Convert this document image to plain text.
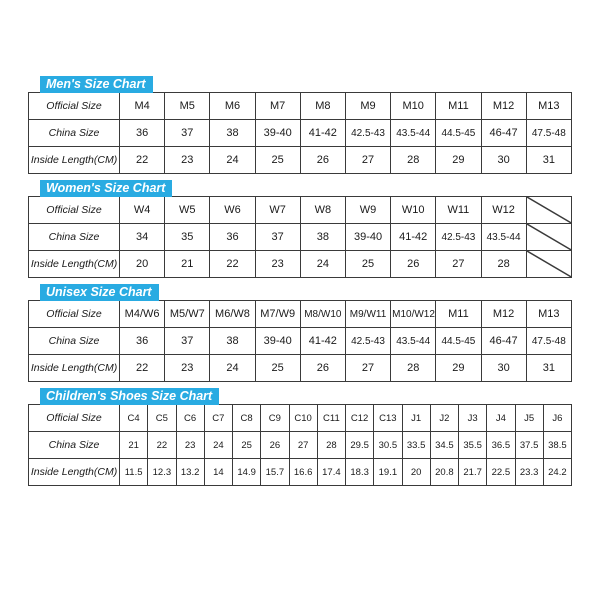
Men's Size Chart
Official Size	M4	M5	M6	M7	M8	M9	M10	M11	M12	M13
China Size	36	37	38	39-40	41-42	42.5-43	43.5-44	44.5-45	46-47	47.5-48
Inside Length(CM)	22	23	24	25	26	27	28	29	30	31
Women's Size Chart
Official Size	W4	W5	W6	W7	W8	W9	W10	W11	W12	

China Size	34	35	36	37	38	39-40	41-42	42.5-43	43.5-44	

Inside Length(CM)	20	21	22	23	24	25	26	27	28	
Unisex Size Chart
Official Size	M4/W6	M5/W7	M6/W8	M7/W9	M8/W10	M9/W11	M10/W12	M11	M12	M13
China Size	36	37	38	39-40	41-42	42.5-43	43.5-44	44.5-45	46-47	47.5-48
Inside Length(CM)	22	23	24	25	26	27	28	29	30	31
Children's Shoes Size Chart
Official Size	C4	C5	C6	C7	C8	C9	C10	C11	C12	C13	J1	J2	J3	J4	J5	J6
China Size	21	22	23	24	25	26	27	28	29.5	30.5	33.5	34.5	35.5	36.5	37.5	38.5
Inside Length(CM)	11.5	12.3	13.2	14	14.9	15.7	16.6	17.4	18.3	19.1	20	20.8	21.7	22.5	23.3	24.2
